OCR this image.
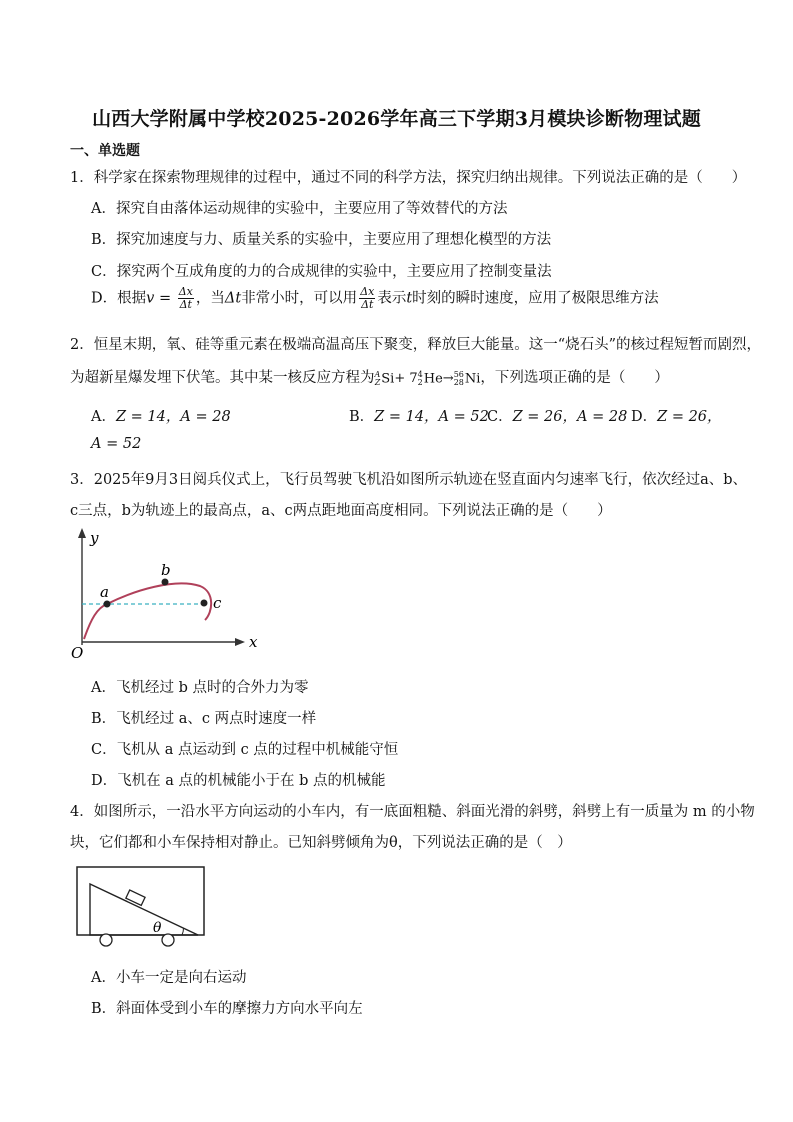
山西大学附属中学校2025-2026学年高三下学期3月模块诊断物理试题
一、单选题
1．科学家在探索物理规律的过程中，通过不同的科学方法，探究归纳出规律。下列说法正确的是（　　）
A．探究自由落体运动规律的实验中，主要应用了等效替代的方法
B．探究加速度与力、质量关系的实验中，主要应用了理想化模型的方法
C．探究两个互成角度的力的合成规律的实验中，主要应用了控制变量法
D．根据$v = \frac{\Delta x}{\Delta t}$ ，当Δt非常小时，可以用 $\frac{\Delta x}{\Delta t}$ 表示t时刻的瞬时速度，应用了极限思维方法
2．恒星末期，氧、硅等重元素在极端高温高压下聚变，释放巨大能量。这一“烧石头”的核过程短暂而剧烈，
为超新星爆发埋下伏笔。其中某一核反应方程为 A
Z Si+ 7 4
2 He→ 56
28 Ni，下列选项正确的是（　　）
A．Z = 14，A = 28	B．Z = 14，A = 52
C．Z = 26，A = 28 D．Z = 26，
A = 52
3．2025年9月3日阅兵仪式上，飞行员驾驶飞机沿如图所示轨迹在竖直面内匀速率飞行，依次经过a、b、
c三点，b为轨迹上的最高点，a、c两点距地面高度相同。下列说法正确的是（　　）
y
x
O
a
b
c
A．飞机经过 b 点时的合外力为零
B．飞机经过 a、c 两点时速度一样
C．飞机从 a 点运动到 c 点的过程中机械能守恒
D．飞机在 a 点的机械能小于在 b 点的机械能
4．如图所示，一沿水平方向运动的小车内，有一底面粗糙、斜面光滑的斜劈，斜劈上有一质量为 m 的小物
块，它们都和小车保持相对静止。已知斜劈倾角为θ，下列说法正确的是（　）
θ
A．小车一定是向右运动
B．斜面体受到小车的摩擦力方向水平向左
